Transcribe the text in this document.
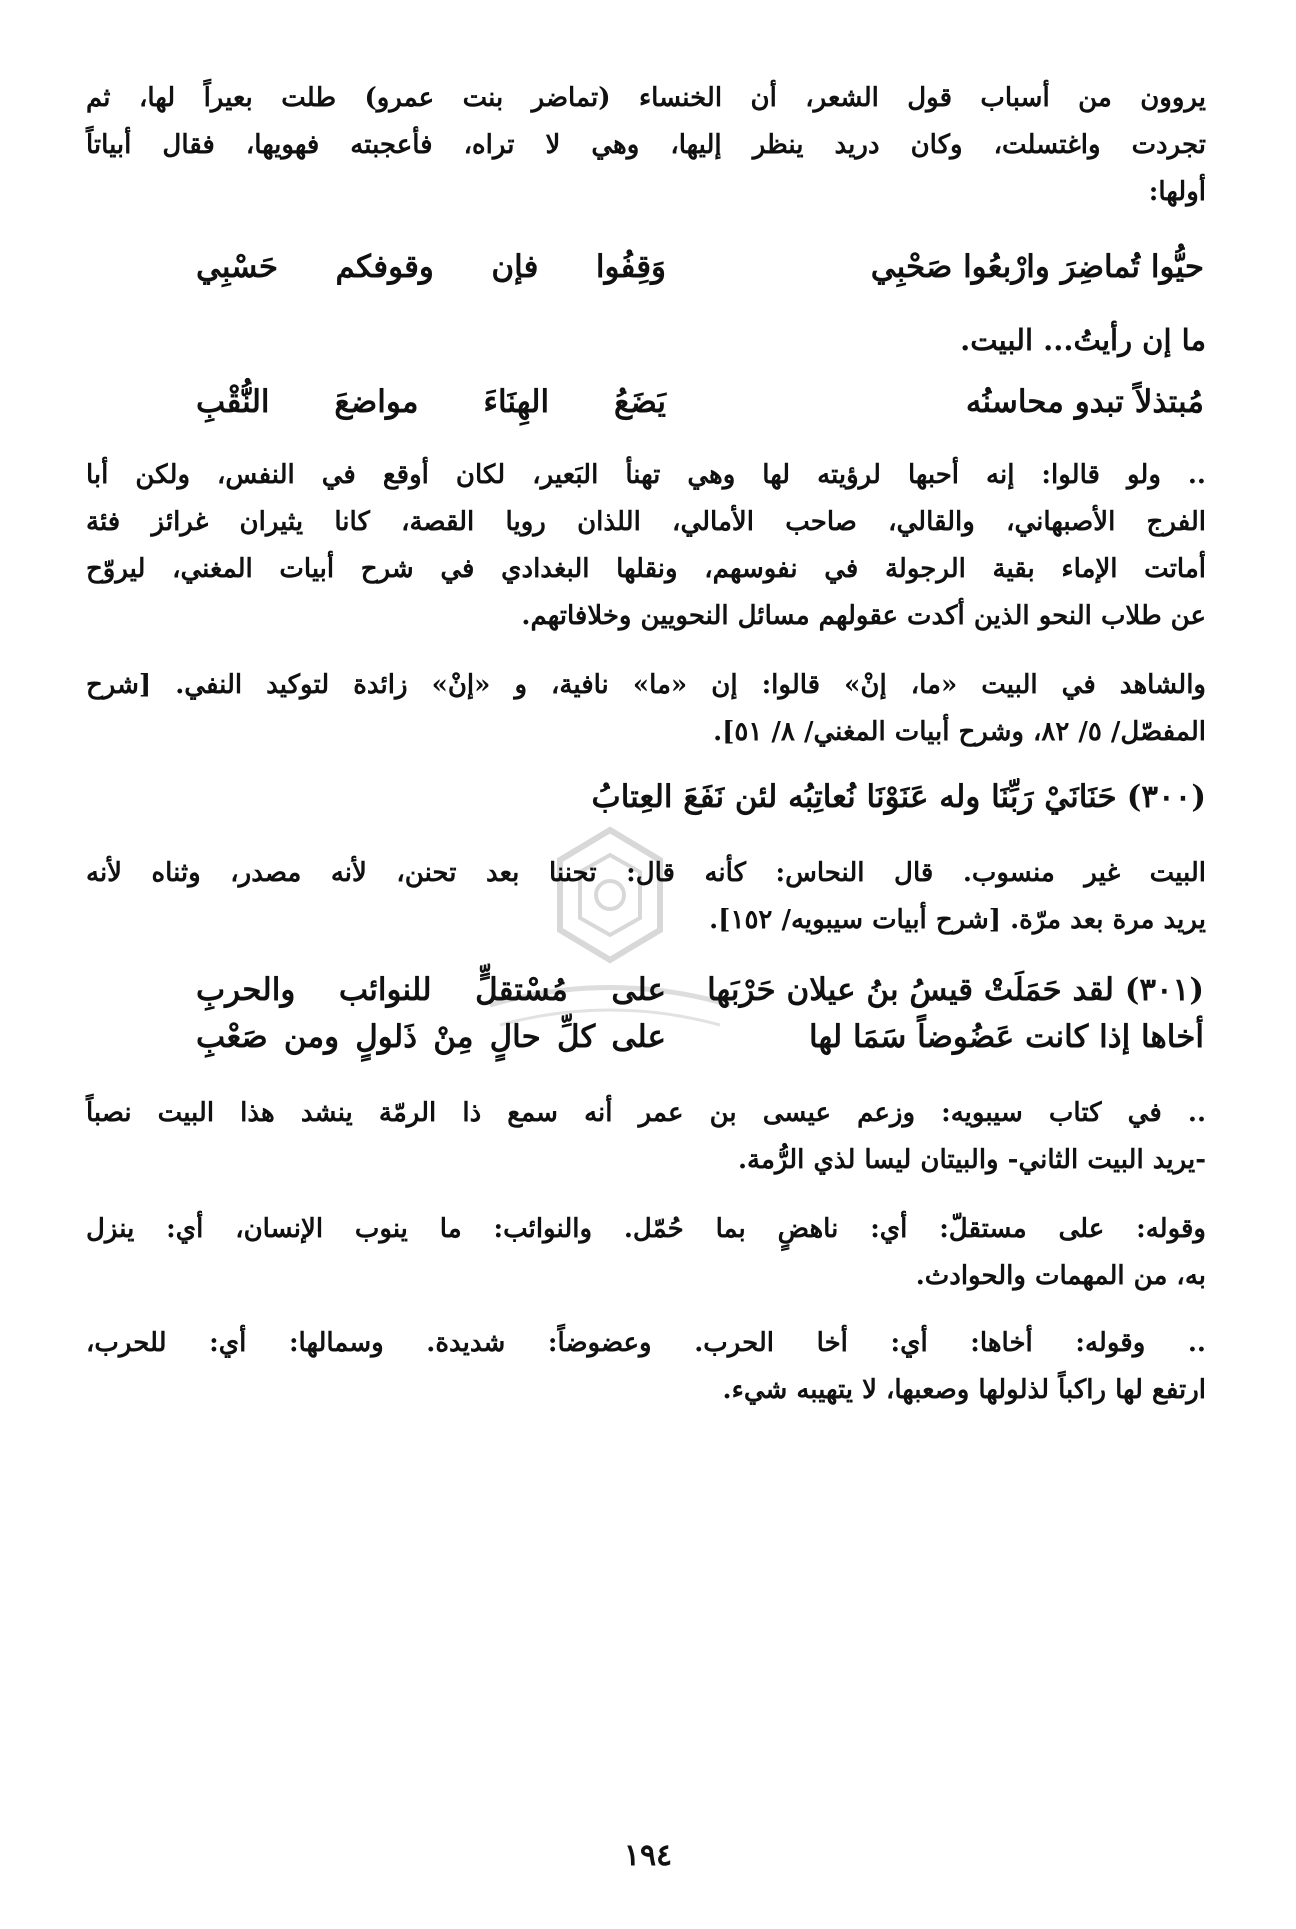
يروون من أسباب قول الشعر، أن الخنساء (تماضر بنت عمرو) طلت بعيراً لها، ثم
تجردت واغتسلت، وكان دريد ينظر إليها، وهي لا تراه، فأعجبته فهويها، فقال أبياتاً
أولها:
حيُّوا تُماضِرَ وارْبعُوا صَحْبِي
وَقِفُوا فإن وقوفكم حَسْبِي
ما إن رأيتُ... البيت.
مُبتذلاً تبدو محاسنُه
يَضَعُ الهِنَاءَ مواضعَ النُّقْبِ
.. ولو قالوا: إنه أحبها لرؤيته لها وهي تهنأ البَعير، لكان أوقع في النفس، ولكن أبا
الفرج الأصبهاني، والقالي، صاحب الأمالي، اللذان رويا القصة، كانا يثيران غرائز فئة
أماتت الإماء بقية الرجولة في نفوسهم، ونقلها البغدادي في شرح أبيات المغني، ليروّح
عن طلاب النحو الذين أكدت عقولهم مسائل النحويين وخلافاتهم.
والشاهد في البيت «ما، إنْ» قالوا: إن «ما» نافية، و «إنْ» زائدة لتوكيد النفي. [شرح
المفصّل/ ٥/ ٨٢، وشرح أبيات المغني/ ٨/ ٥١].
(٣٠٠)حَنَانَيْ رَبِّنَا وله عَنَوْنَا نُعاتِبُه لئن نَفَعَ العِتابُ
البيت غير منسوب. قال النحاس: كأنه قال: تحننا بعد تحنن، لأنه مصدر، وثناه لأنه
يريد مرة بعد مرّة. [شرح أبيات سيبويه/ ١٥٢].
(٣٠١) لقد حَمَلَتْ قيسُ بنُ عيلان حَرْبَها
على مُسْتقلٍّ للنوائب والحربِ
أخاها إذا كانت عَضُوضاً سَمَا لها
على كلِّ حالٍ مِنْ ذَلولٍ ومن صَعْبِ
.. في كتاب سيبويه: وزعم عيسى بن عمر أنه سمع ذا الرمّة ينشد هذا البيت نصباً
-يريد البيت الثاني- والبيتان ليسا لذي الرُّمة.
وقوله: على مستقلّ: أي: ناهضٍ بما حُمّل. والنوائب: ما ينوب الإنسان، أي: ينزل
به، من المهمات والحوادث.
.. وقوله: أخاها: أي: أخا الحرب. وعضوضاً: شديدة. وسمالها: أي: للحرب،
ارتفع لها راكباً لذلولها وصعبها، لا يتهيبه شيء.
١٩٤
